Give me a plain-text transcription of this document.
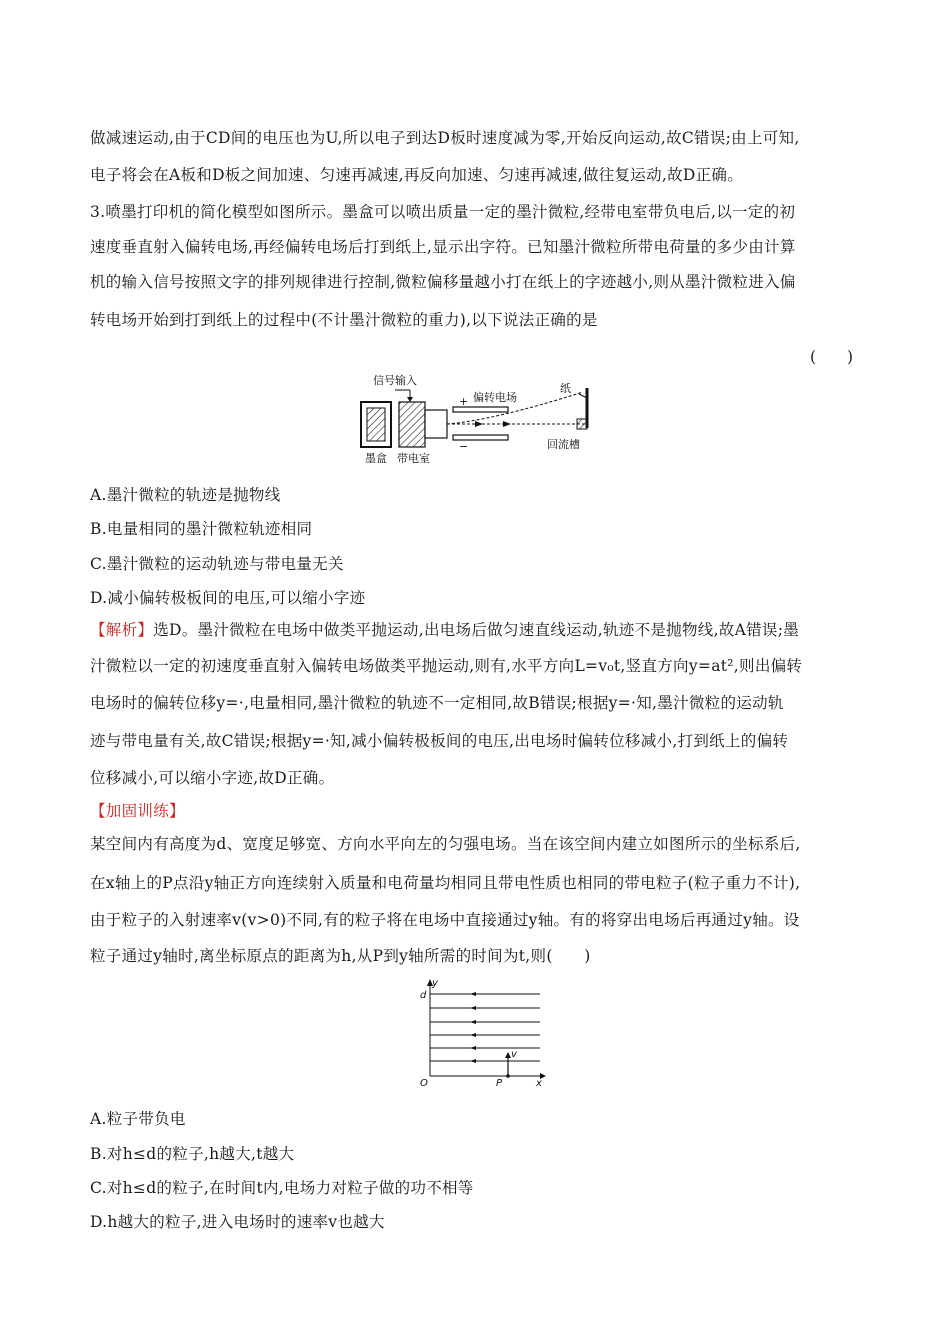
做减速运动,由于CD间的电压也为U,所以电子到达D板时速度减为零,开始反向运动,故C错误;由上可知,
电子将会在A板和D板之间加速、匀速再减速,再反向加速、匀速再减速,做往复运动,故D正确。
3.喷墨打印机的简化模型如图所示。墨盒可以喷出质量一定的墨汁微粒,经带电室带负电后,以一定的初
速度垂直射入偏转电场,再经偏转电场后打到纸上,显示出字符。已知墨汁微粒所带电荷量的多少由计算
机的输入信号按照文字的排列规律进行控制,微粒偏移量越小打在纸上的字迹越小,则从墨汁微粒进入偏
转电场开始到打到纸上的过程中(不计墨汁微粒的重力),以下说法正确的是
(　　)
信号输入
偏转电场
纸
+
−
墨盒 带电室
回流槽
A.墨汁微粒的轨迹是抛物线
B.电量相同的墨汁微粒轨迹相同
C.墨汁微粒的运动轨迹与带电量无关
D.减小偏转极板间的电压,可以缩小字迹
【解析】选D。墨汁微粒在电场中做类平抛运动,出电场后做匀速直线运动,轨迹不是抛物线,故A错误;墨
汁微粒以一定的初速度垂直射入偏转电场做类平抛运动,则有,水平方向L=v₀t,竖直方向y=at²,则出偏转
电场时的偏转位移y=·,电量相同,墨汁微粒的轨迹不一定相同,故B错误;根据y=·知,墨汁微粒的运动轨
迹与带电量有关,故C错误;根据y=·知,减小偏转极板间的电压,出电场时偏转位移减小,打到纸上的偏转
位移减小,可以缩小字迹,故D正确。
【加固训练】
某空间内有高度为d、宽度足够宽、方向水平向左的匀强电场。当在该空间内建立如图所示的坐标系后,
在x轴上的P点沿y轴正方向连续射入质量和电荷量均相同且带电性质也相同的带电粒子(粒子重力不计),
由于粒子的入射速率v(v>0)不同,有的粒子将在电场中直接通过y轴。有的将穿出电场后再通过y轴。设
粒子通过y轴时,离坐标原点的距离为h,从P到y轴所需的时间为t,则(　　)
y
d
v
O	P	x
A.粒子带负电
B.对h≤d的粒子,h越大,t越大
C.对h≤d的粒子,在时间t内,电场力对粒子做的功不相等
D.h越大的粒子,进入电场时的速率v也越大
